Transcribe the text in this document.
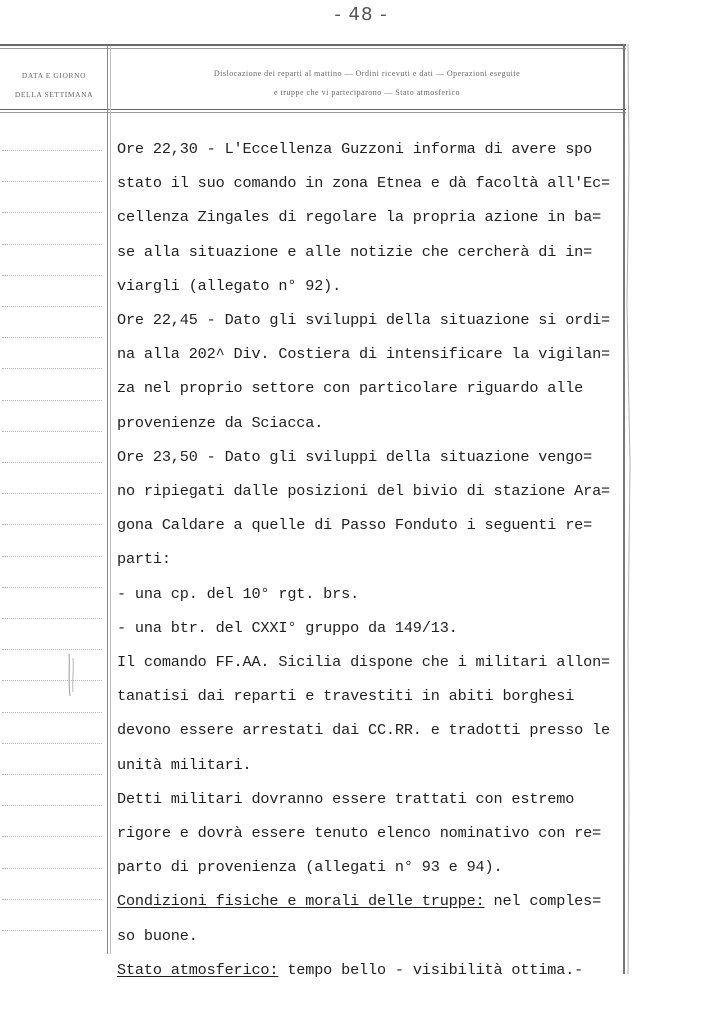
- 48 -
DATA E GIORNO
DELLA SETTIMANA
Dislocazione dei reparti al mattino — Ordini ricevuti e dati — Operazioni eseguite
e truppe che vi parteciparono — Stato atmosferico
Ore 22,30 - L'Eccellenza Guzzoni informa di avere spo
stato il suo comando in zona Etnea e dà facoltà all'Ec=
cellenza Zingales di regolare la propria azione in ba=
se alla situazione e alle notizie che cercherà di in=
viargli (allegato n° 92).
Ore 22,45 - Dato gli sviluppi della situazione si ordi=
na alla 202^ Div. Costiera di intensificare la vigilan=
za nel proprio settore con particolare riguardo alle
provenienze da Sciacca.
Ore 23,50 - Dato gli sviluppi della situazione vengo=
no ripiegati dalle posizioni del bivio di stazione Ara=
gona Caldare a quelle di Passo Fonduto i seguenti re=
parti:
- una cp. del 10° rgt. brs.
- una btr. del CXXI° gruppo da 149/13.
Il comando FF.AA. Sicilia dispone che i militari allon=
tanatisi dai reparti e travestiti in abiti borghesi
devono essere arrestati dai CC.RR. e tradotti presso le
unità militari.
Detti militari dovranno essere trattati con estremo
rigore e dovrà essere tenuto elenco nominativo con re=
parto di provenienza (allegati n° 93 e 94).
Condizioni fisiche e morali delle truppe: nel comples=
so buone.
Stato atmosferico: tempo bello - visibilità ottima.-
